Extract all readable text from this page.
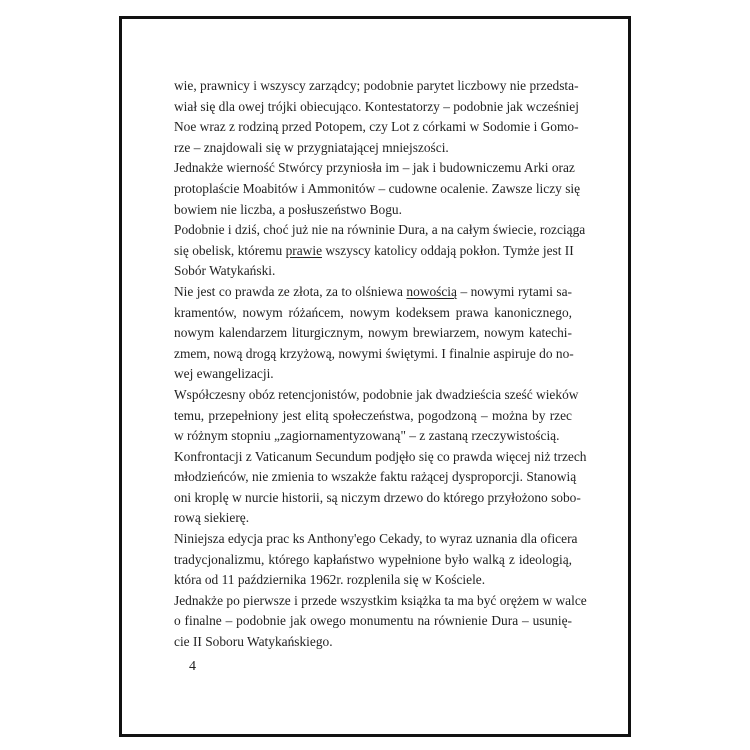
wie, prawnicy i wszyscy zarządcy; podobnie parytet liczbowy nie przedsta-
wiał się dla owej trójki obiecująco. Kontestatorzy – podobnie jak wcześniej
Noe wraz z rodziną przed Potopem, czy Lot z córkami w Sodomie i Gomo-
rze – znajdowali się w przygniatającej mniejszości.
Jednakże wierność Stwórcy przyniosła im – jak i budowniczemu Arki oraz
protoplaście Moabitów i Ammonitów – cudowne ocalenie. Zawsze liczy się
bowiem nie liczba, a posłuszeństwo Bogu.
Podobnie i dziś, choć już nie na równinie Dura, a na całym świecie, rozciąga
się obelisk, któremu prawie wszyscy katolicy oddają pokłon. Tymże jest II
Sobór Watykański.
Nie jest co prawda ze złota, za to olśniewa nowością – nowymi rytami sa-
kramentów, nowym różańcem, nowym kodeksem prawa kanonicznego,
nowym kalendarzem liturgicznym, nowym brewiarzem, nowym katechi-
zmem, nową drogą krzyżową, nowymi świętymi. I finalnie aspiruje do no-
wej ewangelizacji.
Współczesny obóz retencjonistów, podobnie jak dwadzieścia sześć wieków
temu, przepełniony jest elitą społeczeństwa, pogodzoną – można by rzec
w różnym stopniu „zagiornamentyzowaną" – z zastaną rzeczywistością.
Konfrontacji z Vaticanum Secundum podjęło się co prawda więcej niż trzech
młodzieńców, nie zmienia to wszakże faktu rażącej dysproporcji. Stanowią
oni kroplę w nurcie historii, są niczym drzewo do którego przyłożono sobo-
rową siekierę.
Niniejsza edycja prac ks Anthony'ego Cekady, to wyraz uznania dla oficera
tradycjonalizmu, którego kapłaństwo wypełnione było walką z ideologią,
która od 11 października 1962r. rozplenila się w Kościele.
Jednakże po pierwsze i przede wszystkim książka ta ma być orężem w walce
o finalne – podobnie jak owego monumentu na równienie Dura – usunię-
cie II Soboru Watykańskiego.
4
